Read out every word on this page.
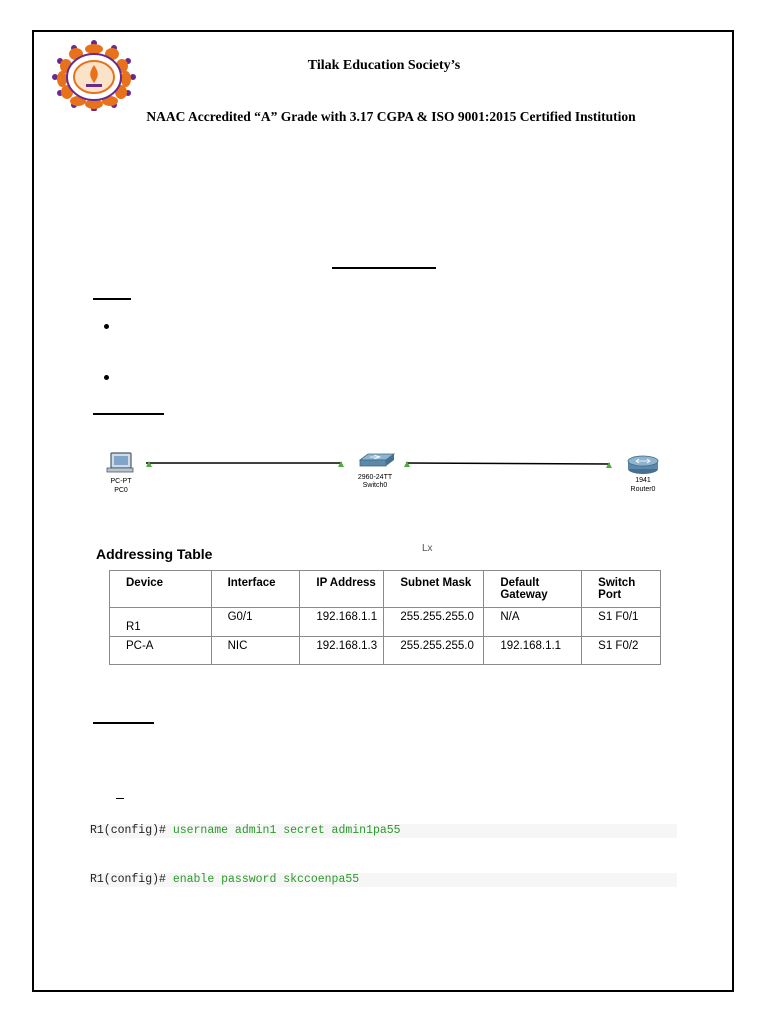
Tilak Education Society’s
NAAC Accredited “A” Grade with 3.17 CGPA & ISO 9001:2015 Certified Institution
PC-PT
PC0
2960-24TT
Switch0
1941
Router0
Addressing Table	Lx
Device	Interface	IP Address	Subnet Mask	Default Gateway	Switch Port
R1	G0/1	192.168.1.1	255.255.255.0	N/A	S1 F0/1
PC-A	NIC	192.168.1.3	255.255.255.0	192.168.1.1	S1 F0/2
R1(config)# username admin1 secret admin1pa55
R1(config)# enable password skccoenpa55
